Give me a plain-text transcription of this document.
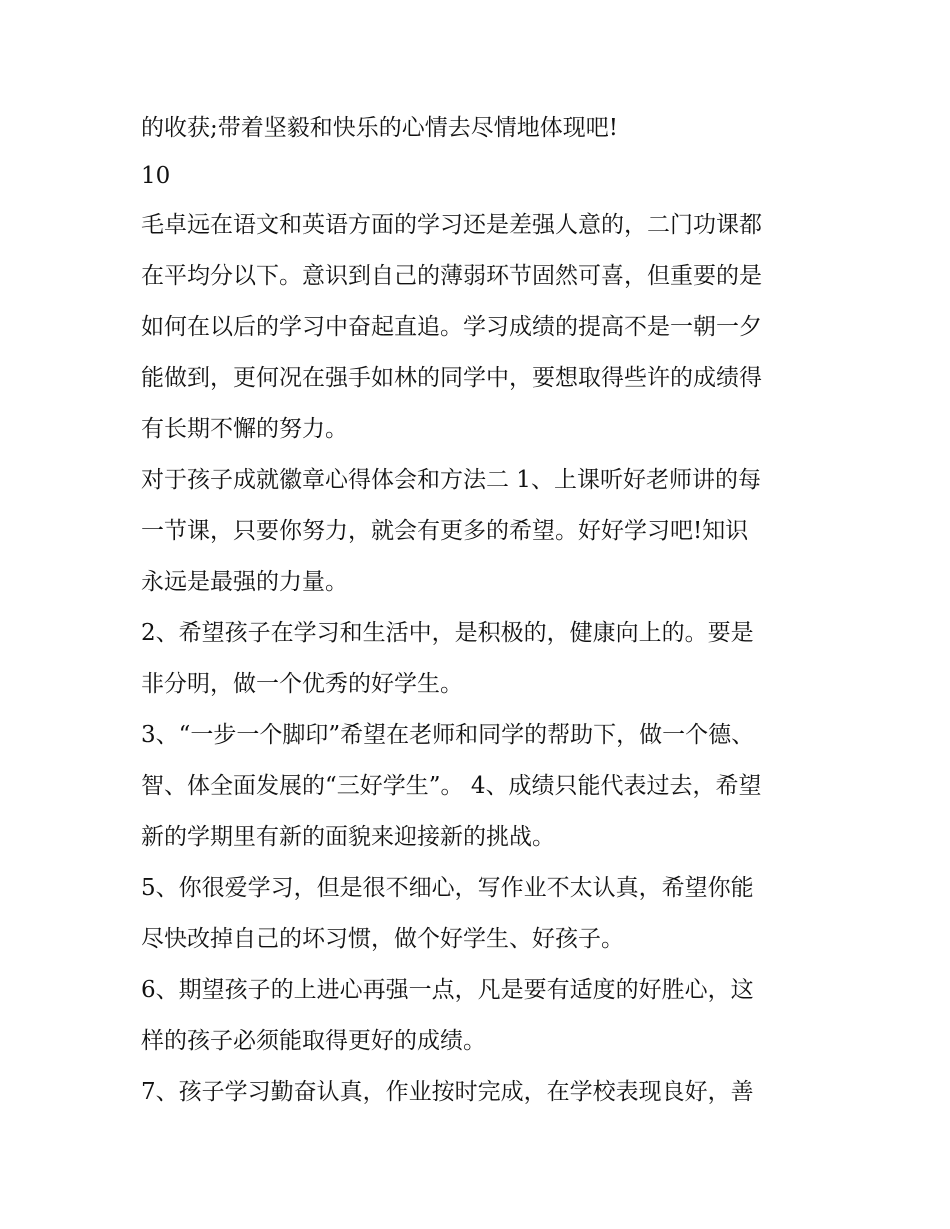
的收获;带着坚毅和快乐的心情去尽情地体现吧!

10

毛卓远在语文和英语方面的学习还是差强人意的，二门功课都

在平均分以下。意识到自己的薄弱环节固然可喜，但重要的是

如何在以后的学习中奋起直追。学习成绩的提高不是一朝一夕

能做到，更何况在强手如林的同学中，要想取得些许的成绩得

有长期不懈的努力。

对于孩子成就徽章心得体会和方法二 1、上课听好老师讲的每

一节课，只要你努力，就会有更多的希望。好好学习吧!知识

永远是最强的力量。

2、希望孩子在学习和生活中，是积极的，健康向上的。要是

非分明，做一个优秀的好学生。

3、“一步一个脚印”希望在老师和同学的帮助下，做一个德、

智、体全面发展的“三好学生”。 4、成绩只能代表过去，希望

新的学期里有新的面貌来迎接新的挑战。

5、你很爱学习，但是很不细心，写作业不太认真，希望你能

尽快改掉自己的坏习惯，做个好学生、好孩子。

6、期望孩子的上进心再强一点，凡是要有适度的好胜心，这

样的孩子必须能取得更好的成绩。

7、孩子学习勤奋认真，作业按时完成，在学校表现良好，善
